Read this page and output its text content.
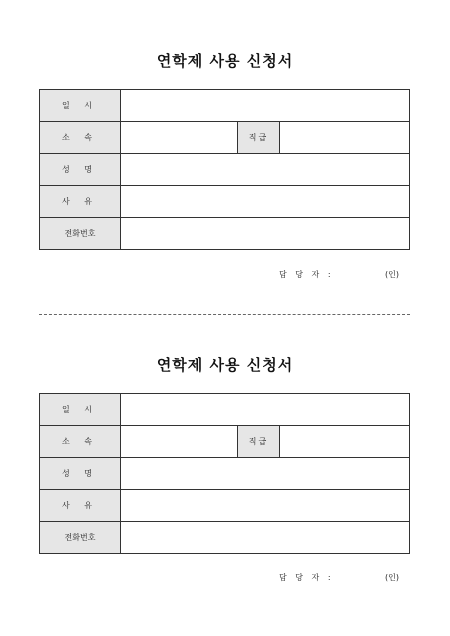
연학제 사용 신청서
일 시			
소 속		직급	
성 명			
사 유			
전화번호			
담 당 자 :	(인)
연학제 사용 신청서
일 시			
소 속		직급	
성 명			
사 유			
전화번호			
담 당 자 :	(인)
